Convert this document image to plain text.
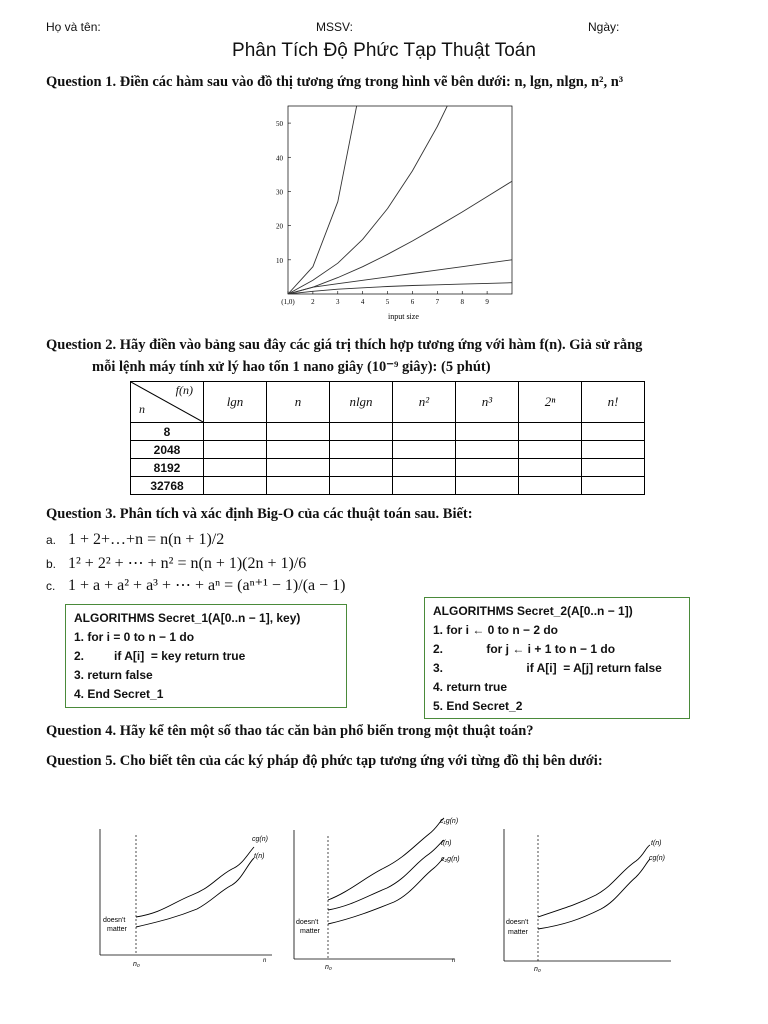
Họ và tên:	MSSV:	Ngày:
Phân Tích Độ Phức Tạp Thuật Toán
Question 1. Điền các hàm sau vào đồ thị tương ứng trong hình vẽ bên dưới: n, lgn, nlgn, n², n³
10
20
30
40
50
(1,0) 2	3	4	5	6	7	8	9
input size
Question 2. Hãy điền vào bảng sau đây các giá trị thích hợp tương ứng với hàm f(n). Giả sử rằng
mỗi lệnh máy tính xử lý hao tốn 1 nano giây (10⁻⁹ giây): (5 phút)
f(n)
n	lgn	n	nlgn	n²	n³	2ⁿ	n!
8							
2048							
8192							
32768							
Question 3. Phân tích và xác định Big-O của các thuật toán sau. Biết:
a. 1 + 2+…+n = n(n + 1)/2
b. 1² + 2² + ⋯ + n² = n(n + 1)(2n + 1)/6
c. 1 + a + a² + a³ + ⋯ + aⁿ = (aⁿ⁺¹ − 1)/(a − 1)
ALGORITHMS Secret_1(A[0..n − 1], key)
1. for i = 0 to n − 1 do
2.         if A[i]  = key return true
3. return false
4. End Secret_1
ALGORITHMS Secret_2(A[0..n − 1])
1. for i ← 0 to n − 2 do
2.             for j ← i + 1 to n − 1 do
3.                         if A[i]  = A[j] return false
4. return true
5. End Secret_2
Question 4. Hãy kể tên một số thao tác căn bản phổ biến trong một thuật toán?
Question 5. Cho biết tên của các ký pháp độ phức tạp tương ứng với từng đồ thị bên dưới:
cg(n)
t(n)
doesn't
matter
n₀	n
c₁g(n)
t(n)
c₂g(n)
doesn't
matter
n₀
n
t(n)
cg(n)
doesn't
matter
n₀
